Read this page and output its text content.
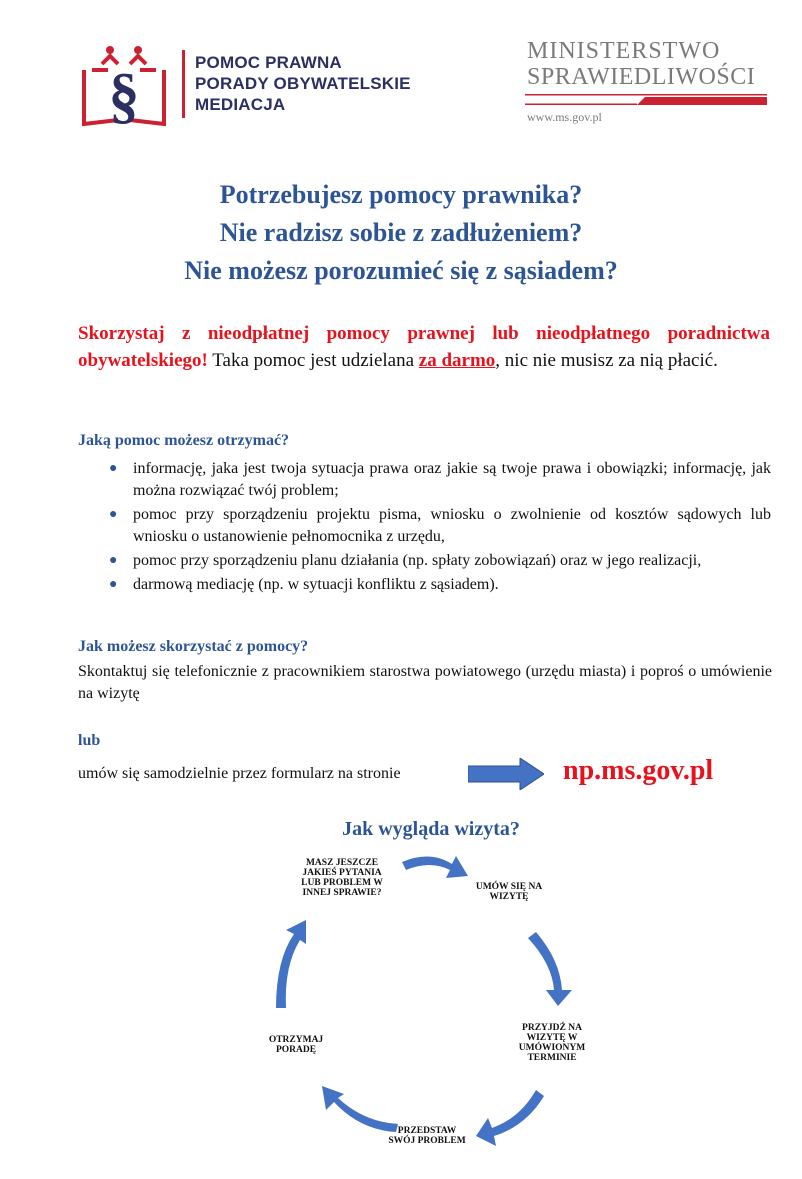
§	POMOC PRAWNA
PORADY OBYWATELSKIE
MEDIACJA
MINISTERSTWO
SPRAWIEDLIWOŚCI
www.ms.gov.pl
Potrzebujesz pomocy prawnika?
Nie radzisz sobie z zadłużeniem?
Nie możesz porozumieć się z sąsiadem?
Skorzystaj z nieodpłatnej pomocy prawnej lub nieodpłatnego poradnictwa obywatelskiego! Taka pomoc jest udzielana za darmo, nic nie musisz za nią płacić.
Jaką pomoc możesz otrzymać?
● informację, jaka jest twoja sytuacja prawa oraz jakie są twoje prawa i obowiązki; informację, jak można rozwiązać twój problem;
● pomoc przy sporządzeniu projektu pisma, wniosku o zwolnienie od kosztów sądowych lub wniosku o ustanowienie pełnomocnika z urzędu,
● pomoc przy sporządzeniu planu działania (np. spłaty zobowiązań) oraz w jego realizacji,
● darmową mediację (np. w sytuacji konfliktu z sąsiadem).
Jak możesz skorzystać z pomocy?
Skontaktuj się telefonicznie z pracownikiem starostwa powiatowego (urzędu miasta) i poproś o umówienie na wizytę
lub
umów się samodzielnie przez formularz na stronie	np.ms.gov.pl
Jak wygląda wizyta?
UMÓW SIĘ NA WIZYTĘ
PRZYJDŹ NA WIZYTĘ W UMÓWIONYM TERMINIE
PRZEDSTAW SWÓJ PROBLEM
OTRZYMAJ PORADĘ
MASZ JESZCZE JAKIEŚ PYTANIA LUB PROBLEM W INNEJ SPRAWIE?
